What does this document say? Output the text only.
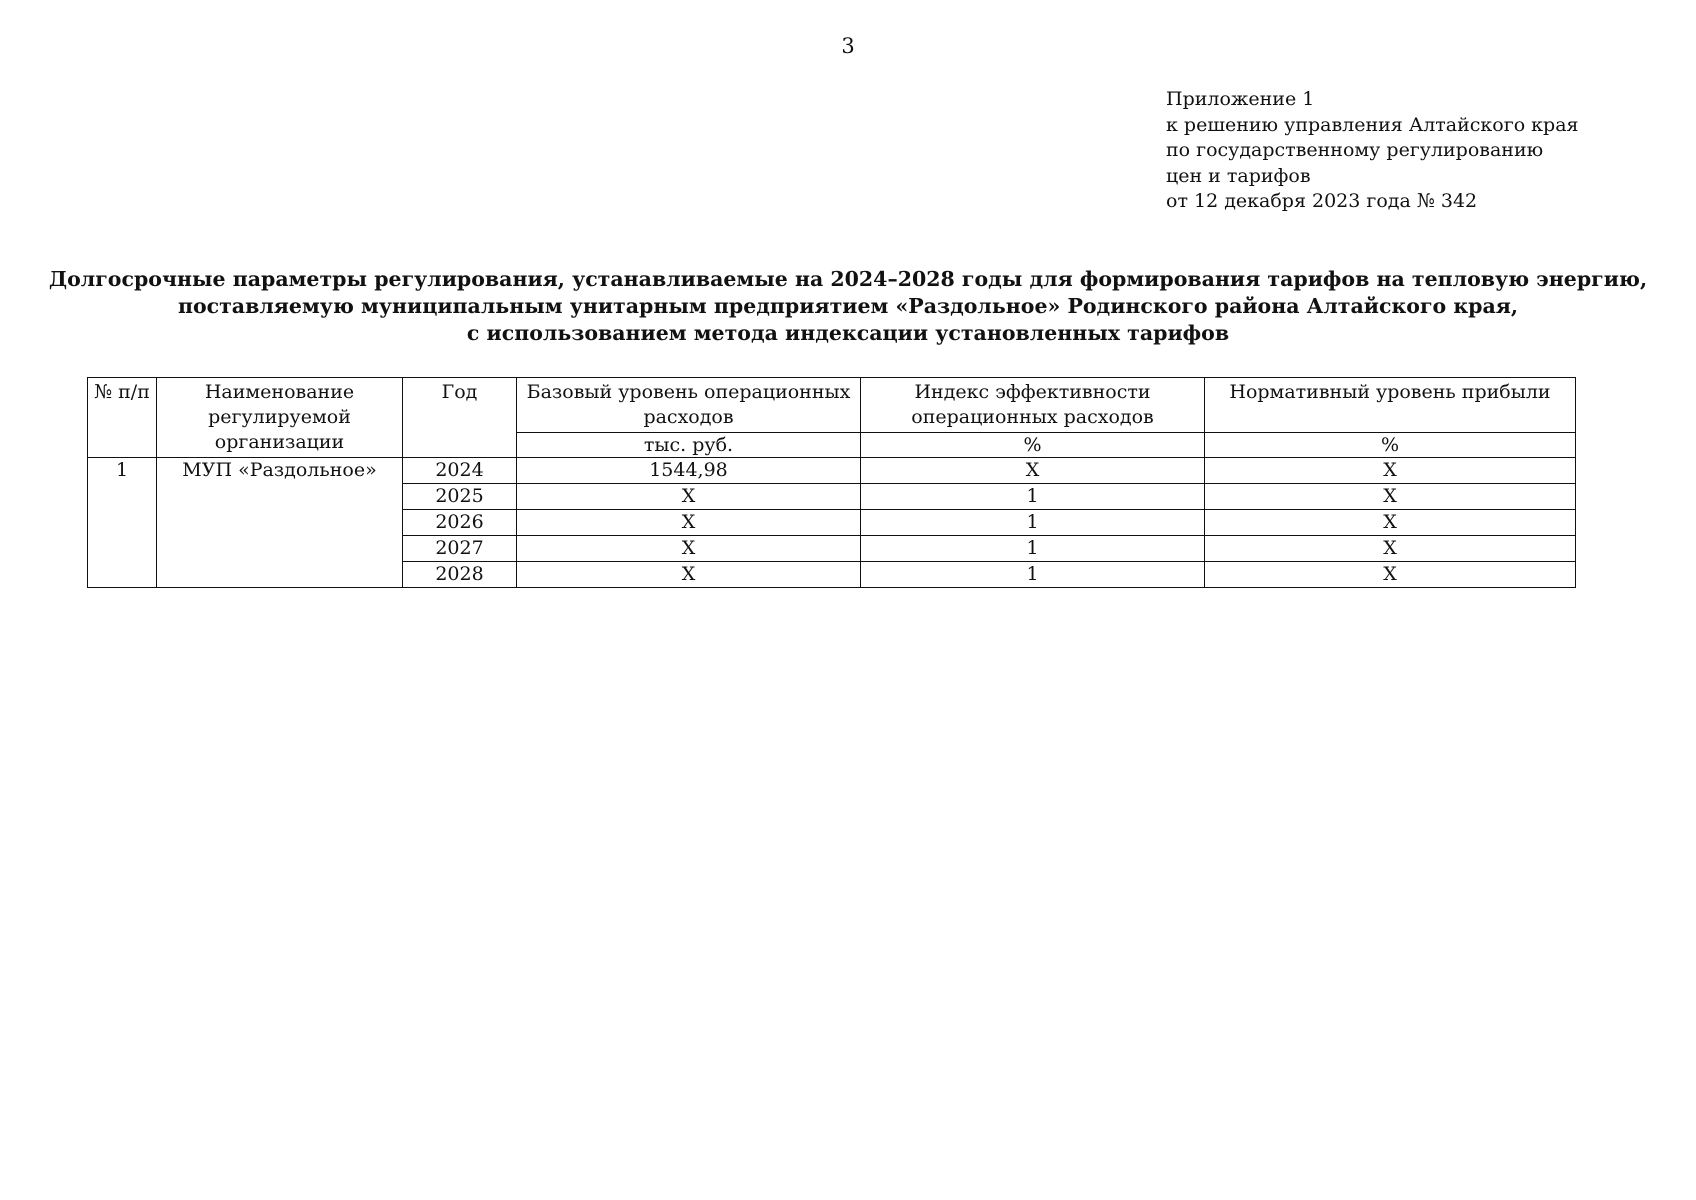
3
Приложение 1
к решению управления Алтайского края
по государственному регулированию
цен и тарифов
от 12 декабря 2023 года № 342
Долгосрочные параметры регулирования, устанавливаемые на 2024–2028 годы для формирования тарифов на тепловую энергию,
поставляемую муниципальным унитарным предприятием «Раздольное» Родинского района Алтайского края,
с использованием метода индексации установленных тарифов
№ п/п	Наименование регулируемой организации	Год	Базовый уровень операционных расходов	Индекс эффективности операционных расходов	Нормативный уровень прибыли
			тыс. руб.	%	%
1	МУП «Раздольное»	2024	1544,98	Х	Х
		2025	Х	1	Х
		2026	Х	1	Х
		2027	Х	1	Х
		2028	Х	1	Х
